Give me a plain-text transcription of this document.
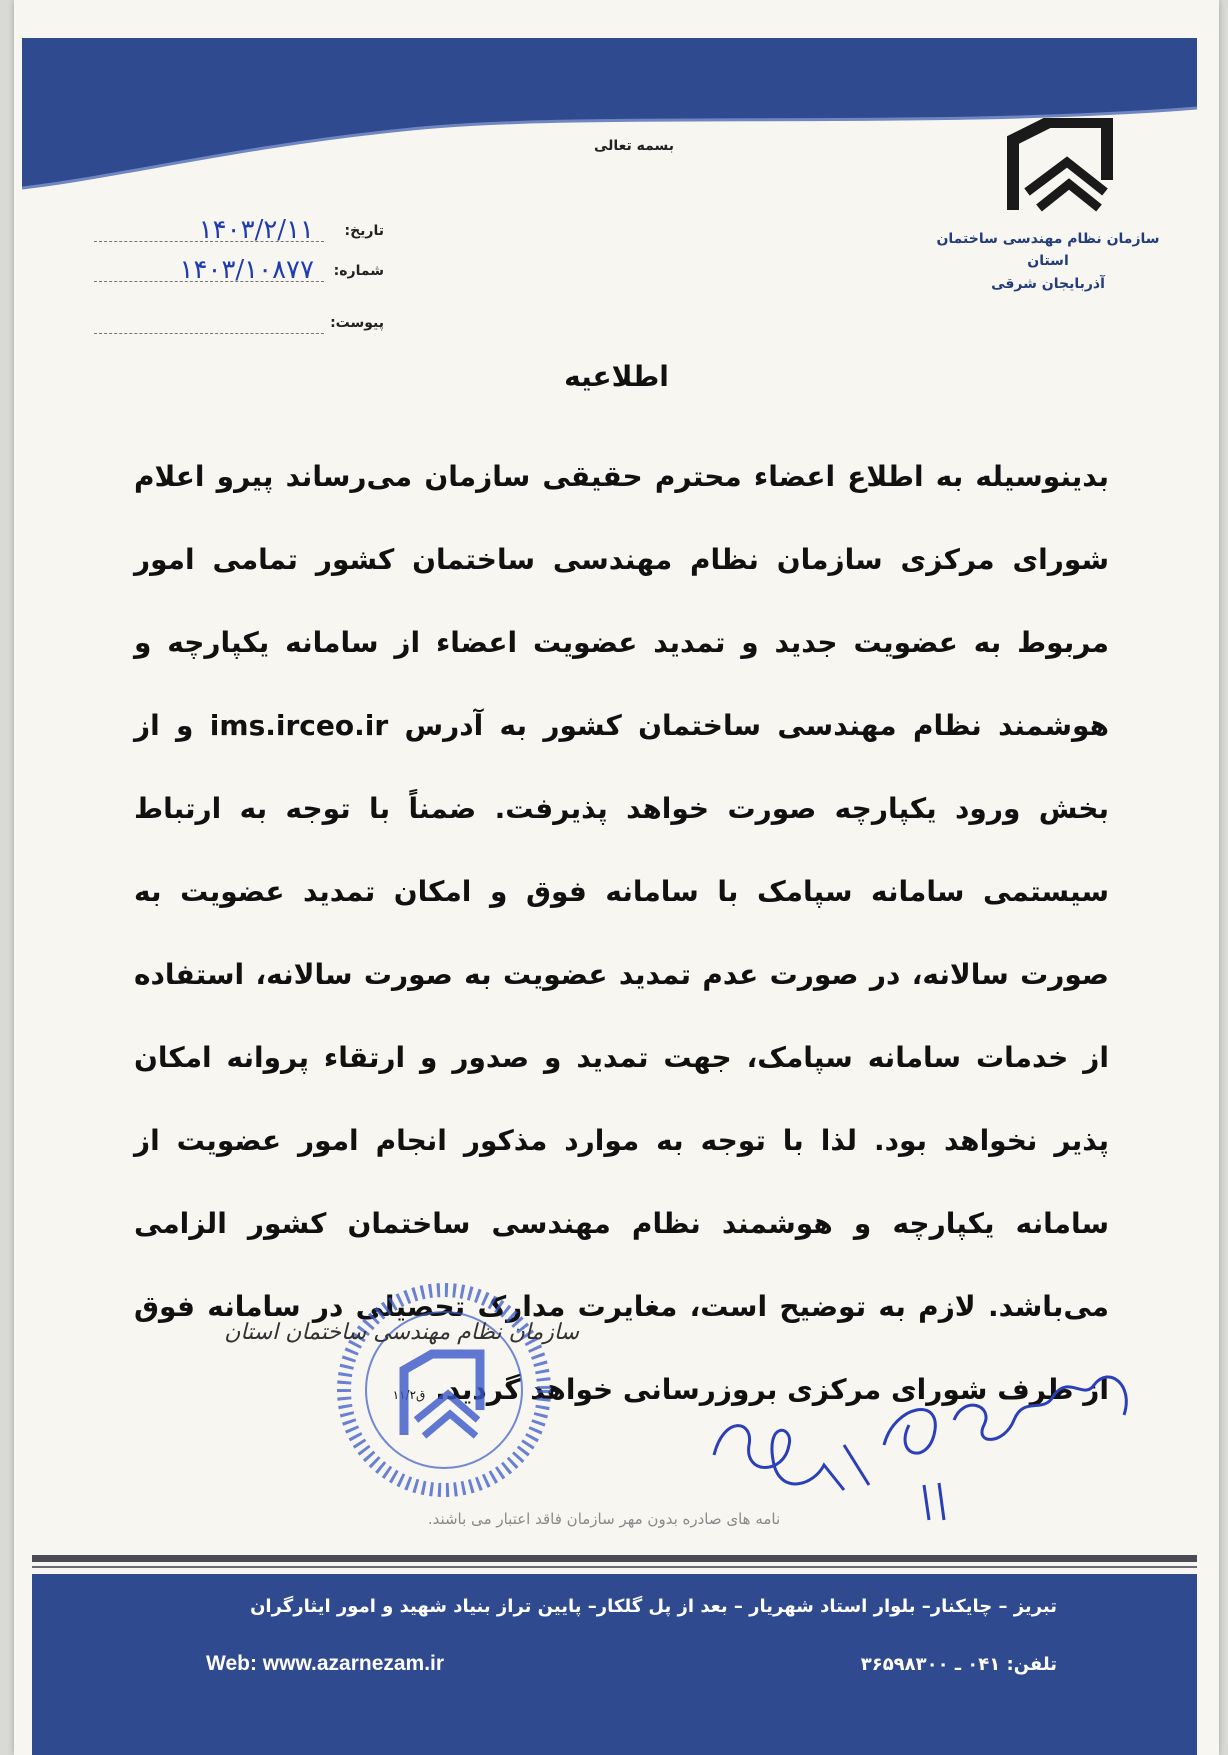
بسمه تعالی
سازمان نظام مهندسی ساختمان استان
آذربایجان شرقی
تاریخ:
۱۴۰۳/۲/۱۱
شماره:
۱۴۰۳/۱۰۸۷۷
پیوست:
اطلاعیه
بدینوسیله به اطلاع اعضاء محترم حقیقی سازمان می‌رساند پیرو اعلام شورای مرکزی سازمان نظام مهندسی ساختمان کشور تمامی امور مربوط به عضویت جدید و تمدید عضویت اعضاء از سامانه یکپارچه و هوشمند نظام مهندسی ساختمان کشور به آدرس ims.irceo.ir و از بخش ورود یکپارچه صورت خواهد پذیرفت. ضمناً با توجه به ارتباط سیستمی سامانه سپامک با سامانه فوق و امکان تمدید عضویت به صورت سالانه، در صورت عدم تمدید عضویت به صورت سالانه، استفاده از خدمات سامانه سپامک، جهت تمدید و صدور و ارتقاء پروانه امکان پذیر نخواهد بود. لذا با توجه به موارد مذکور انجام امور عضویت از سامانه یکپارچه و هوشمند نظام مهندسی ساختمان کشور الزامی می‌باشد. لازم به توضیح است، مغایرت مدارک تحصیلی در سامانه فوق از طرف شورای مرکزی بروزرسانی خواهد گردید. ق۱۱/۲
سازمان نظام مهندسی ساختمان استان
نامه های صادره بدون مهر سازمان فاقد اعتبار می باشند.
تبریز – چایکنار– بلوار استاد شهریار – بعد از پل گلکار– پایین تراز بنیاد شهید و امور ایثارگران
Web: www.azarnezam.ir	تلفن: ۰۴۱ ـ ۳۶۵۹۸۳۰۰
